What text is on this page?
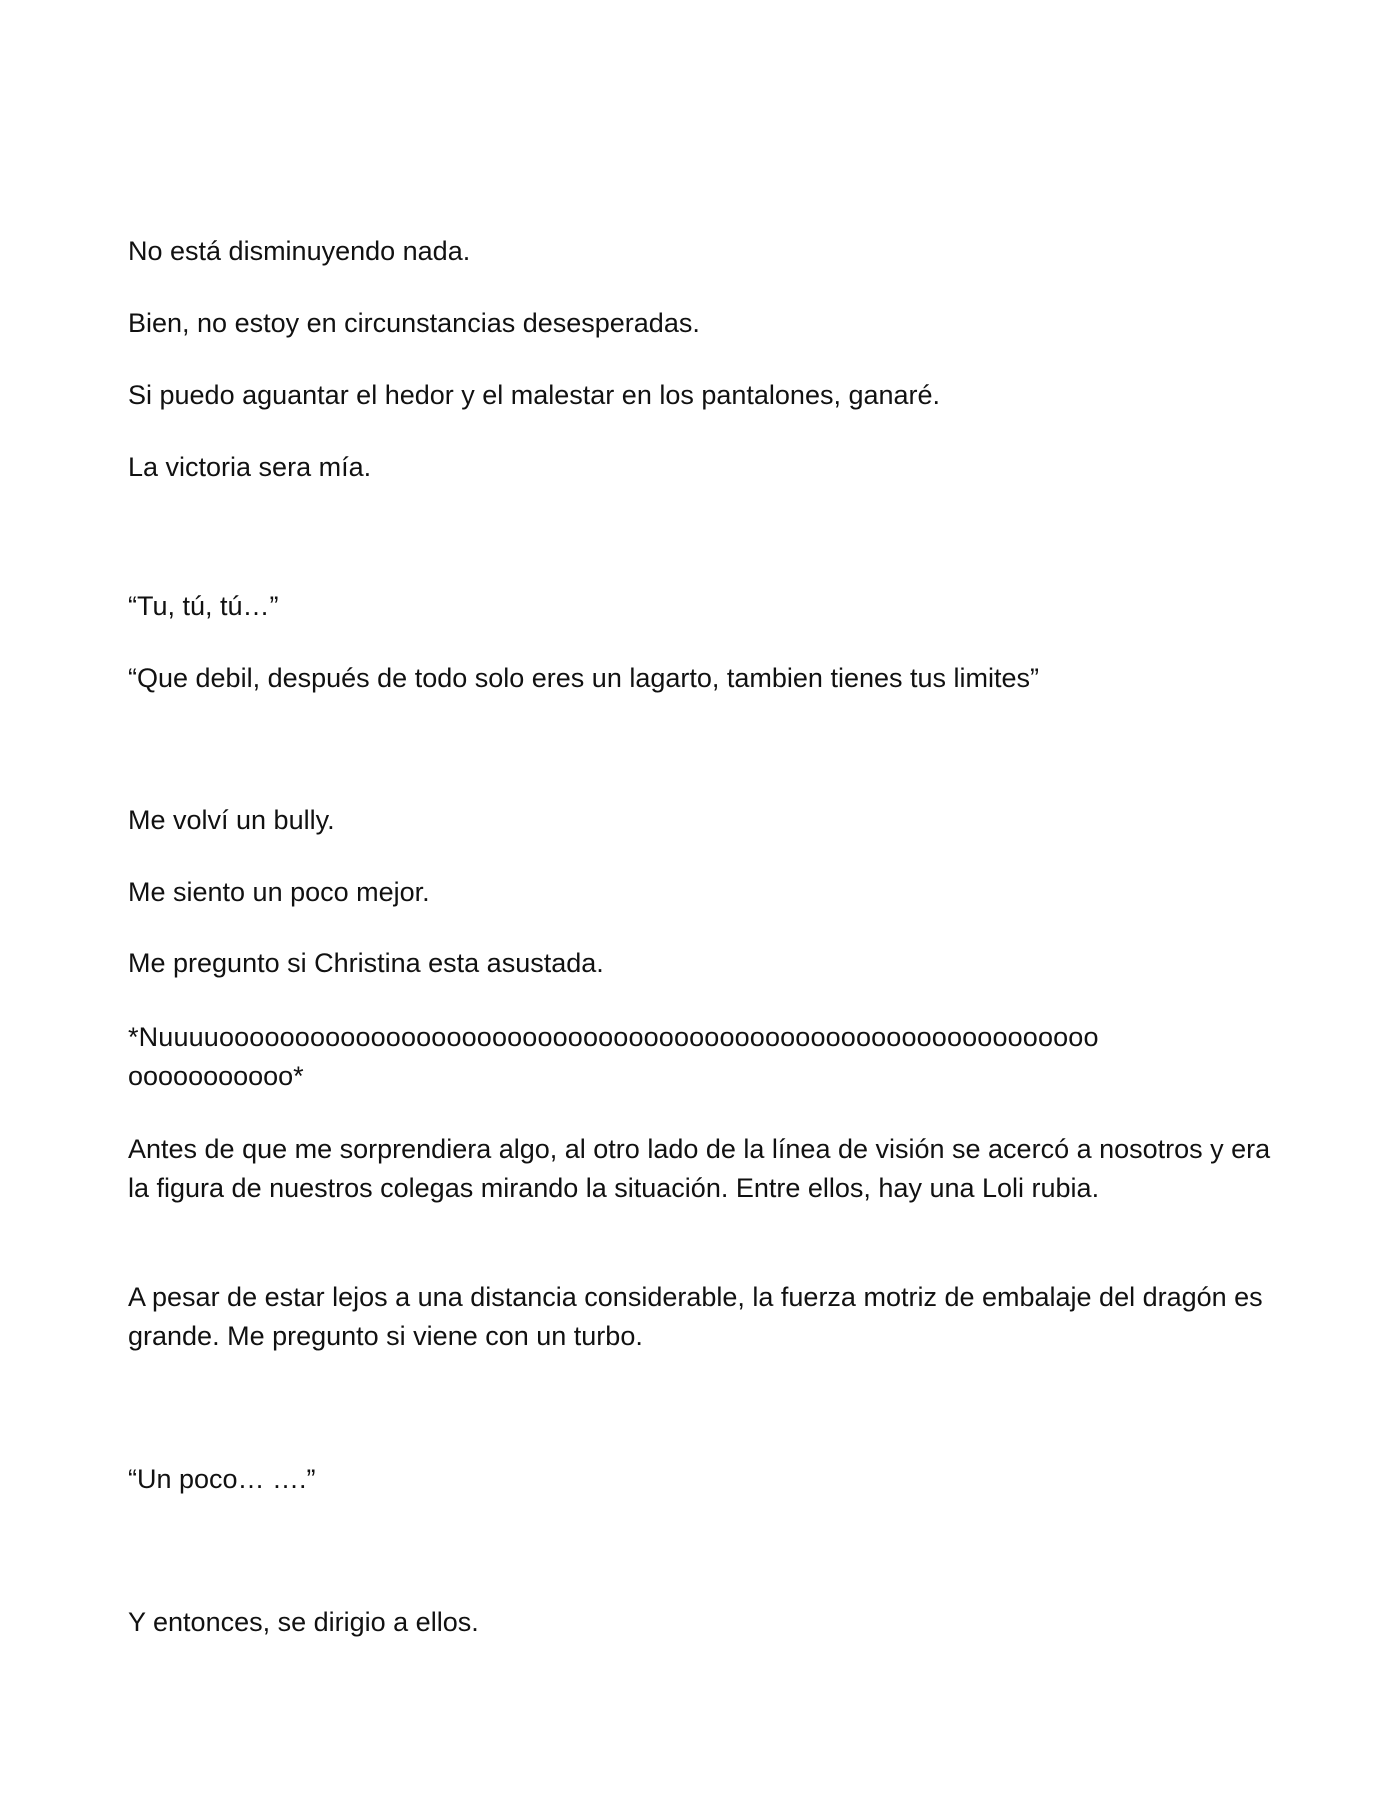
No está disminuyendo nada.

Bien, no estoy en circunstancias desesperadas.

Si puedo aguantar el hedor y el malestar en los pantalones, ganaré.

La victoria sera mía.

“Tu, tú, tú…”

“Que debil, después de todo solo eres un lagarto, tambien tienes tus limites”

Me volví un bully.

Me siento un poco mejor.

Me pregunto si Christina esta asustada.

*Nuuuuoooooooooooooooooooooooooooooooooooooooooooooooooooooooooo

ooooooooooo*

Antes de que me sorprendiera algo, al otro lado de la línea de visión se acercó a nosotros y era la figura de nuestros colegas mirando la situación. Entre ellos, hay una Loli rubia.

A pesar de estar lejos a una distancia considerable, la fuerza motriz de embalaje del dragón es grande. Me pregunto si viene con un turbo.

“Un poco… ….”

Y entonces, se dirigio a ellos.
